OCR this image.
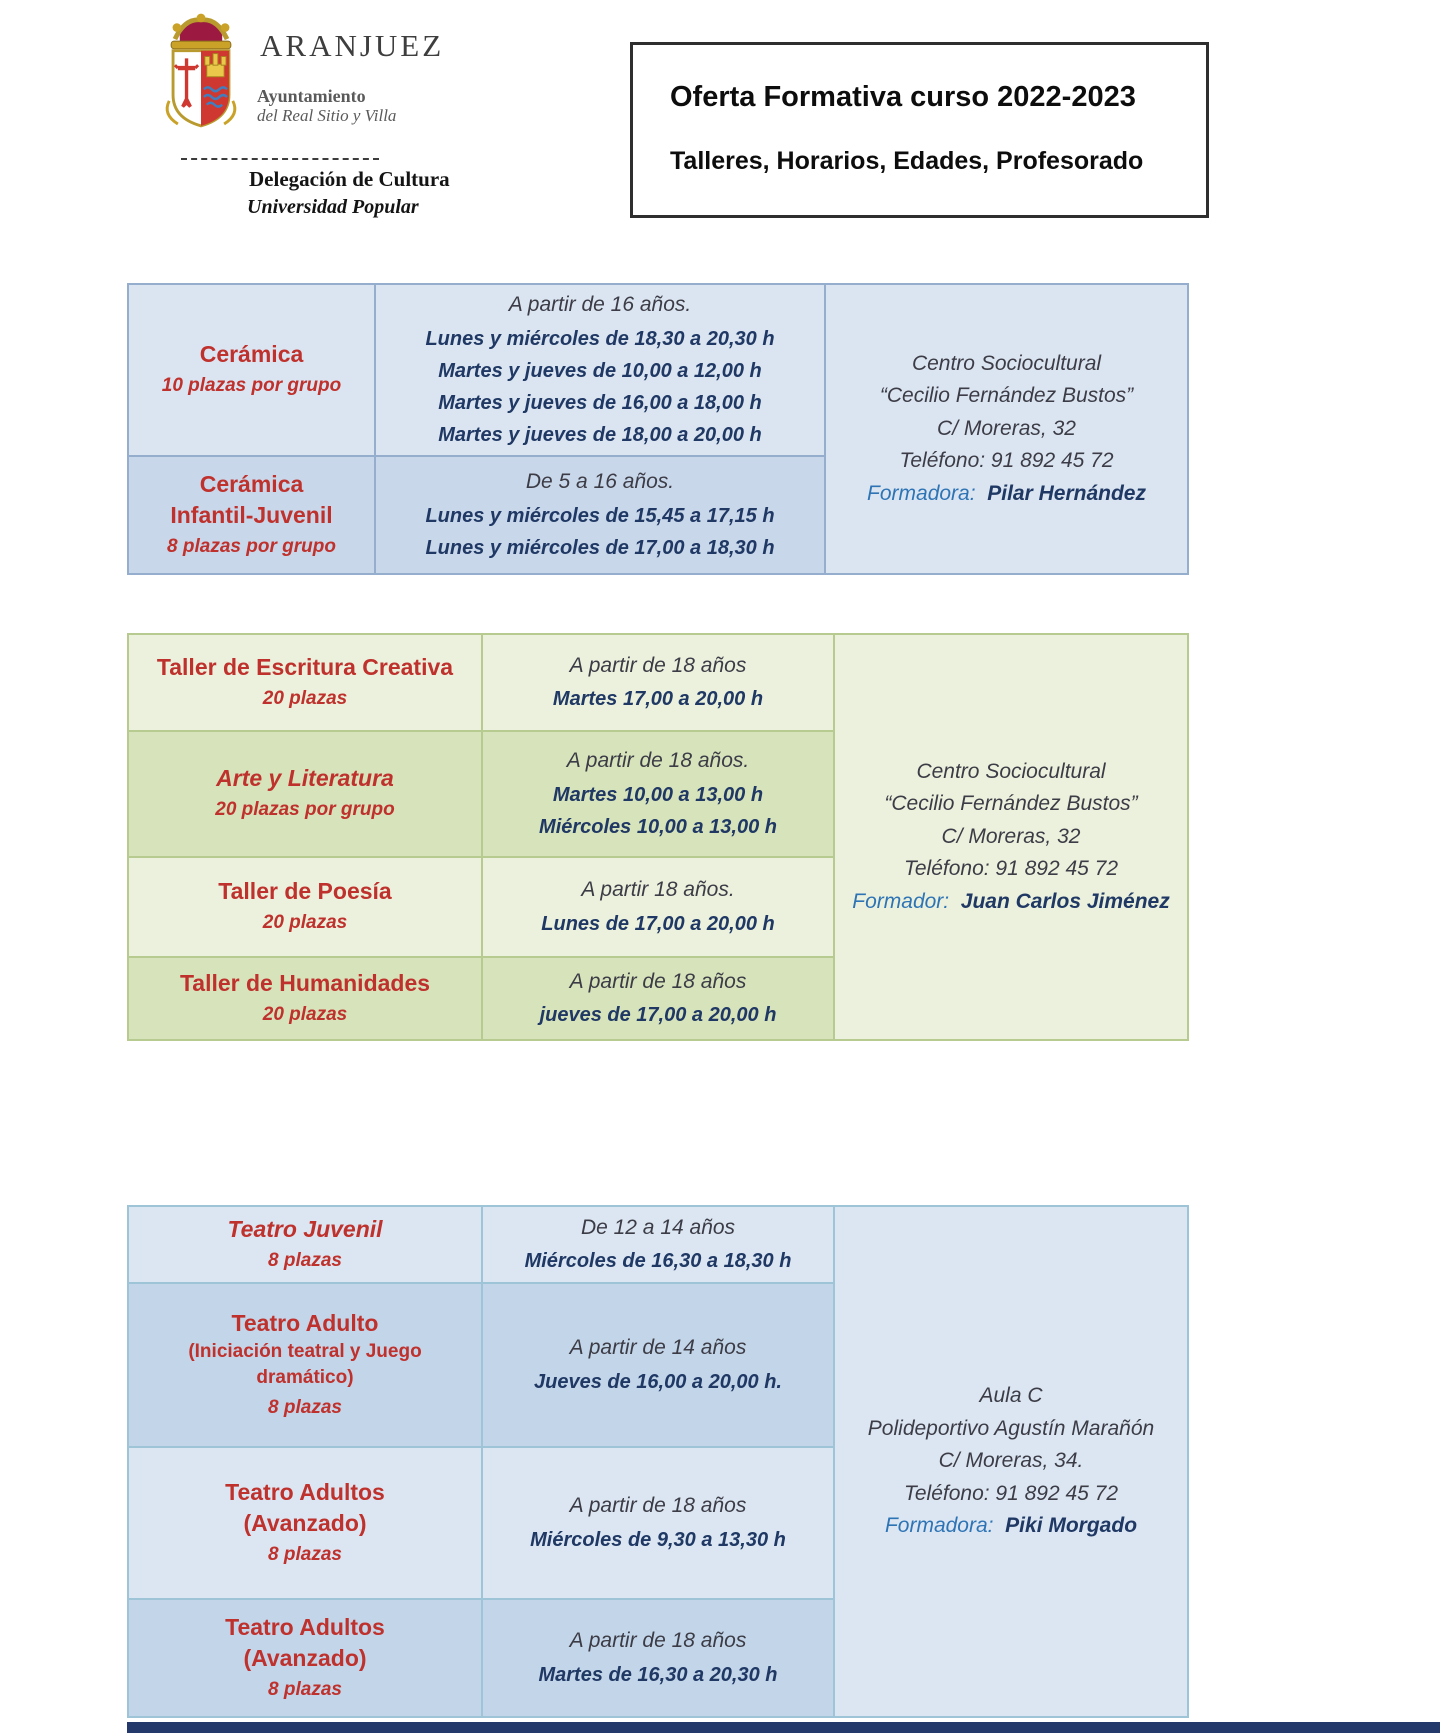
ARANJUEZ
Ayuntamiento
del Real Sitio y Villa
Delegación de Cultura
Universidad Popular
Oferta Formativa curso 2022-2023
Talleres, Horarios, Edades, Profesorado
Cerámica
10 plazas por grupo
A partir de 16 años.
Lunes y miércoles de 18,30 a 20,30 h
Martes y jueves de 10,00 a 12,00 h
Martes y jueves de 16,00 a 18,00 h
Martes y jueves de 18,00 a 20,00 h
Centro Sociocultural
“Cecilio Fernández Bustos”
C/ Moreras, 32
Teléfono: 91 892 45 72
Formadora: Pilar Hernández
Cerámica
Infantil-Juvenil
8 plazas por grupo
De 5 a 16 años.
Lunes y miércoles de 15,45 a 17,15 h
Lunes y miércoles de 17,00 a 18,30 h
Taller de Escritura Creativa
20 plazas
A partir de 18 años
Martes 17,00 a 20,00 h
Centro Sociocultural
“Cecilio Fernández Bustos”
C/ Moreras, 32
Teléfono: 91 892 45 72
Formador: Juan Carlos Jiménez
Arte y Literatura
20 plazas por grupo
A partir de 18 años.
Martes 10,00 a 13,00 h
Miércoles 10,00 a 13,00 h
Taller de Poesía
20 plazas
A partir 18 años.
Lunes de 17,00 a 20,00 h
Taller de Humanidades
20 plazas
A partir de 18 años
jueves de 17,00 a 20,00 h
Teatro Juvenil
8 plazas
De 12 a 14 años
Miércoles de 16,30 a 18,30 h
Aula C
Polideportivo Agustín Marañón
C/ Moreras, 34.
Teléfono: 91 892 45 72
Formadora: Piki Morgado
Teatro Adulto
(Iniciación teatral y Juego dramático)
8 plazas
A partir de 14 años
Jueves de 16,00 a 20,00 h.
Teatro Adultos
(Avanzado)
8 plazas
A partir de 18 años
Miércoles de 9,30 a 13,30 h
Teatro Adultos
(Avanzado)
8 plazas
A partir de 18 años
Martes de 16,30 a 20,30 h
